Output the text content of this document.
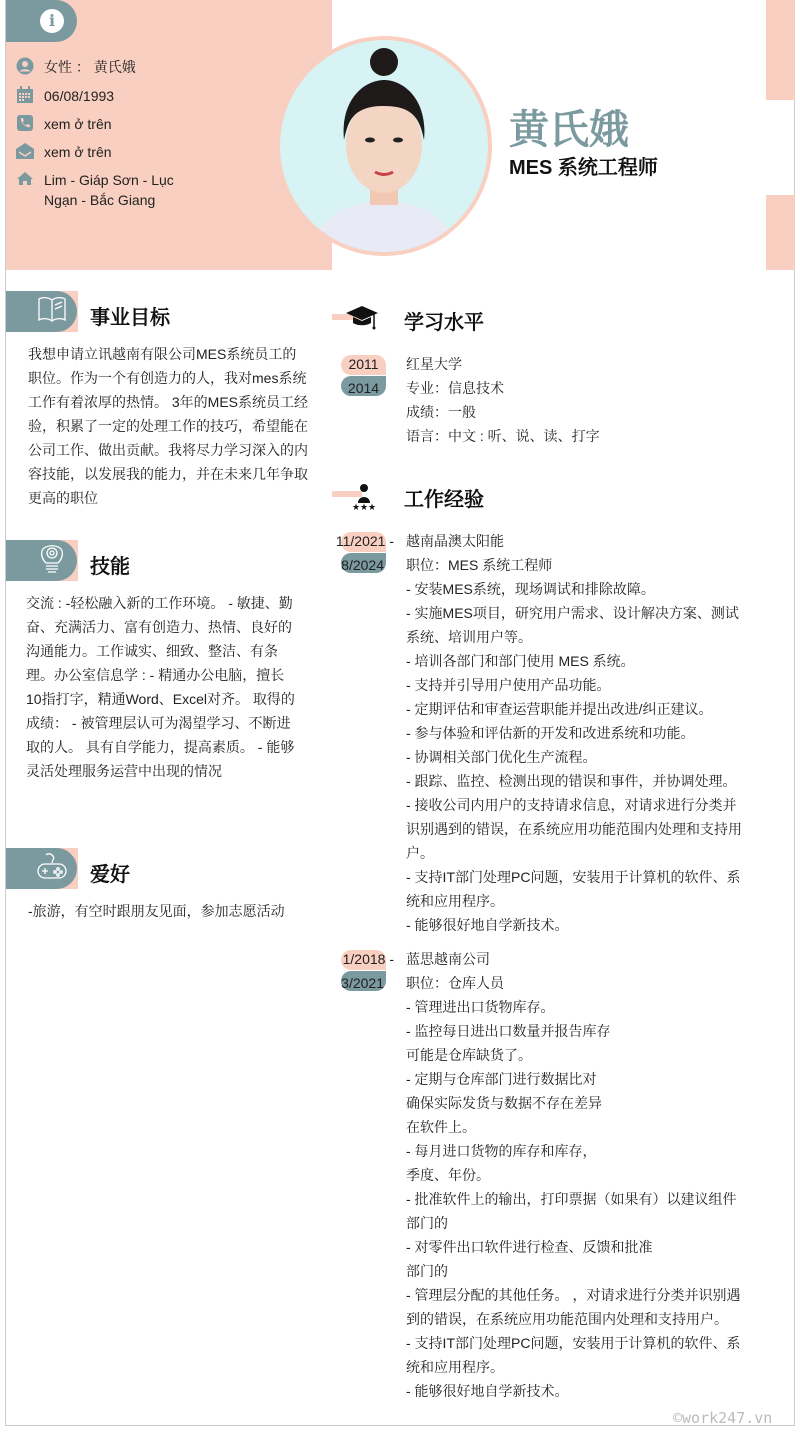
i
女性 ： 黄氏娥
06/08/1993
xem ở trên
xem ở trên
Lim - Giáp Sơn - Lục Ngạn - Bắc Giang
黄氏娥
MES 系统工程师
事业目标
我想申请立讯越南有限公司MES系统员工的职位。作为一个有创造力的人，我对mes系统工作有着浓厚的热情。 3年的MES系统员工经验，积累了一定的处理工作的技巧，希望能在公司工作、做出贡献。我将尽力学习深入的内容技能，以发展我的能力，并在未来几年争取更高的职位
技能
交流 : -轻松融入新的工作环境。 - 敏捷、勤奋、充满活力、富有创造力、热情、良好的沟通能力。工作诚实、细致、整洁、有条理。办公室信息学 : - 精通办公电脑，擅长10指打字，精通Word、Excel对齐。 取得的成绩： - 被管理层认可为渴望学习、不断进取的人。 具有自学能力，提高素质。 - 能够灵活处理服务运营中出现的情况
爱好
-旅游，有空时跟朋友见面，参加志愿活动
学习水平
2011
2014
红星大学
专业：信息技术
成绩：一般
语言：中文 : 听、说、读、打字
★ ★ ★ 工作经验
11/2021 -
8/2024
越南晶澳太阳能
职位：MES 系统工程师
- 安装MES系统，现场调试和排除故障。
- 实施MES项目，研究用户需求、设计解决方案、测试
系统、培训用户等。
- 培训各部门和部门使用 MES 系统。
- 支持并引导用户使用产品功能。
- 定期评估和审查运营职能并提出改进/纠正建议。
- 参与体验和评估新的开发和改进系统和功能。
- 协调相关部门优化生产流程。
- 跟踪、监控、检测出现的错误和事件，并协调处理。
- 接收公司内用户的支持请求信息，对请求进行分类并
识别遇到的错误，在系统应用功能范围内处理和支持用
户。
- 支持IT部门处理PC问题，安装用于计算机的软件、系
统和应用程序。
- 能够很好地自学新技术。
1/2018 -
3/2021
蓝思越南公司
职位：仓库人员
- 管理进出口货物库存。
- 监控每日进出口数量并报告库存
可能是仓库缺货了。
- 定期与仓库部门进行数据比对
确保实际发货与数据不存在差异
在软件上。
- 每月进口货物的库存和库存，
季度、年份。
- 批准软件上的输出，打印票据（如果有）以建议组件
部门的
- 对零件出口软件进行检查、反馈和批准
部门的
- 管理层分配的其他任务。 ，对请求进行分类并识别遇
到的错误，在系统应用功能范围内处理和支持用户。
- 支持IT部门处理PC问题，安装用于计算机的软件、系
统和应用程序。
- 能够很好地自学新技术。
©work247.vn
